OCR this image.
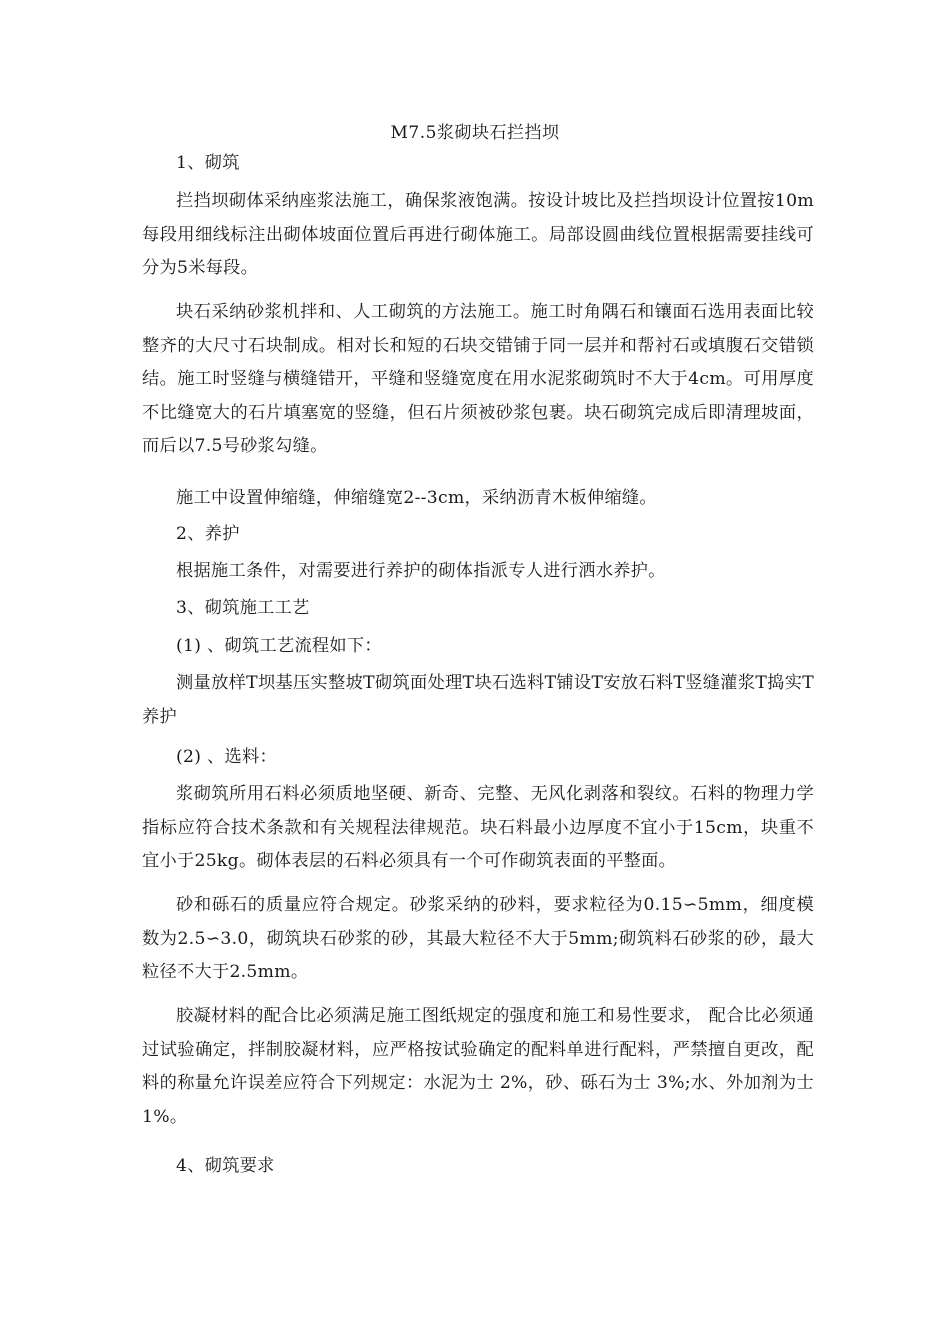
M7.5浆砌块石拦挡坝
1、砌筑
拦挡坝砌体采纳座浆法施工，确保浆液饱满。按设计坡比及拦挡坝设计位置按10m每段用细线标注出砌体坡面位置后再进行砌体施工。局部设圆曲线位置根据需要挂线可分为5米每段。
块石采纳砂浆机拌和、人工砌筑的方法施工。施工时角隅石和镶面石选用表面比较整齐的大尺寸石块制成。相对长和短的石块交错铺于同一层并和帮衬石或填腹石交错锁结。施工时竖缝与横缝错开，平缝和竖缝宽度在用水泥浆砌筑时不大于4cm。可用厚度不比缝宽大的石片填塞宽的竖缝，但石片须被砂浆包裹。块石砌筑完成后即清理坡面，而后以7.5号砂浆勾缝。
施工中设置伸缩缝，伸缩缝宽2--3cm，采纳沥青木板伸缩缝。
2、养护
根据施工条件，对需要进行养护的砌体指派专人进行洒水养护。
3、砌筑施工工艺
(1) 、砌筑工艺流程如下：
测量放样T坝基压实整坡T砌筑面处理T块石选料T铺设T安放石料T竖缝灌浆T捣实T养护
(2) 、选料：
浆砌筑所用石料必须质地坚硬、新奇、完整、无风化剥落和裂纹。石料的物理力学指标应符合技术条款和有关规程法律规范。块石料最小边厚度不宜小于15cm，块重不宜小于25kg。砌体表层的石料必须具有一个可作砌筑表面的平整面。
砂和砾石的质量应符合规定。砂浆采纳的砂料，要求粒径为0.15∽5mm，细度模数为2.5∽3.0，砌筑块石砂浆的砂，其最大粒径不大于5mm;砌筑料石砂浆的砂，最大粒径不大于2.5mm。
胶凝材料的配合比必须满足施工图纸规定的强度和施工和易性要求， 配合比必须通过试验确定，拌制胶凝材料，应严格按试验确定的配料单进行配料，严禁擅自更改，配料的称量允许误差应符合下列规定：水泥为士 2%，砂、砾石为士 3%;水、外加剂为士 1%。
4、砌筑要求
